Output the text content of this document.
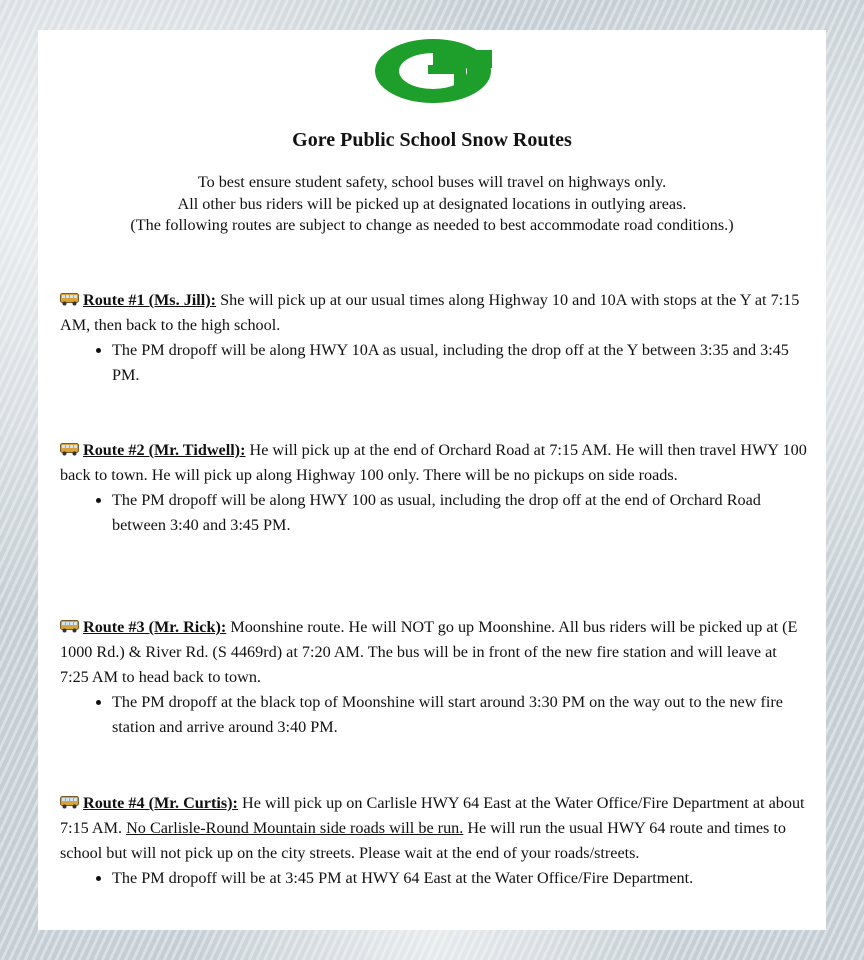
Gore Public School Snow Routes
To best ensure student safety, school buses will travel on highways only.
All other bus riders will be picked up at designated locations in outlying areas.
(The following routes are subject to change as needed to best accommodate road conditions.)

Route #1 (Ms. Jill): She will pick up at our usual times along Highway 10 and 10A with stops at the Y at 7:15 AM, then back to the high school.

• The PM dropoff will be along HWY 10A as usual, including the drop off at the Y between 3:35 and 3:45 PM.

Route #2 (Mr. Tidwell): He will pick up at the end of Orchard Road at 7:15 AM. He will then travel HWY 100 back to town. He will pick up along Highway 100 only. There will be no pickups on side roads.

• The PM dropoff will be along HWY 100 as usual, including the drop off at the end of Orchard Road between 3:40 and 3:45 PM.

Route #3 (Mr. Rick): Moonshine route. He will NOT go up Moonshine. All bus riders will be picked up at (E 1000 Rd.) & River Rd. (S 4469rd) at 7:20 AM. The bus will be in front of the new fire station and will leave at 7:25 AM to head back to town.

• The PM dropoff at the black top of Moonshine will start around 3:30 PM on the way out to the new fire station and arrive around 3:40 PM.

Route #4 (Mr. Curtis): He will pick up on Carlisle HWY 64 East at the Water Office/Fire Department at about 7:15 AM. No Carlisle-Round Mountain side roads will be run. He will run the usual HWY 64 route and times to school but will not pick up on the city streets. Please wait at the end of your roads/streets.

• The PM dropoff will be at 3:45 PM at HWY 64 East at the Water Office/Fire Department.
